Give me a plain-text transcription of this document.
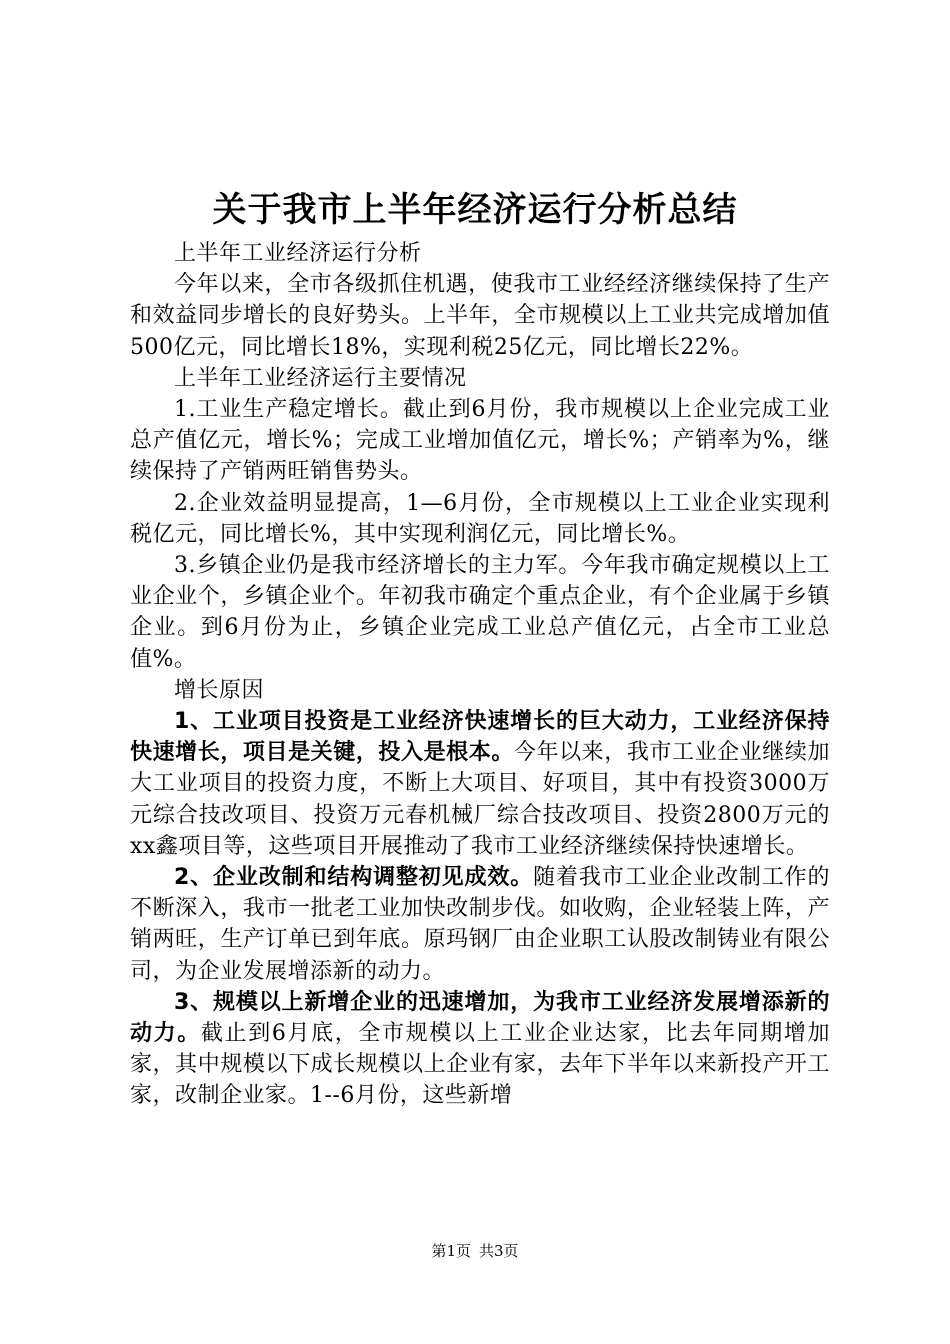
关于我市上半年经济运行分析总结

上半年工业经济运行分析

今年以来，全市各级抓住机遇，使我市工业经经济继续保持了生产和效益同步增长的良好势头。上半年，全市规模以上工业共完成增加值500亿元，同比增长18%，实现利税25亿元，同比增长22%。

上半年工业经济运行主要情况

1.工业生产稳定增长。截止到6月份，我市规模以上企业完成工业总产值亿元，增长%；完成工业增加值亿元，增长%；产销率为%，继续保持了产销两旺销售势头。

2.企业效益明显提高，1—6月份，全市规模以上工业企业实现利税亿元，同比增长%，其中实现利润亿元，同比增长%。

3.乡镇企业仍是我市经济增长的主力军。今年我市确定规模以上工业企业个，乡镇企业个。年初我市确定个重点企业，有个企业属于乡镇企业。到6月份为止，乡镇企业完成工业总产值亿元，占全市工业总值%。

增长原因

1、工业项目投资是工业经济快速增长的巨大动力，工业经济保持快速增长，项目是关键，投入是根本。今年以来，我市工业企业继续加大工业项目的投资力度，不断上大项目、好项目，其中有投资3000万元综合技改项目、投资万元春机械厂综合技改项目、投资2800万元的xx鑫项目等，这些项目开展推动了我市工业经济继续保持快速增长。

2、企业改制和结构调整初见成效。随着我市工业企业改制工作的不断深入，我市一批老工业加快改制步伐。如收购，企业轻装上阵，产销两旺，生产订单已到年底。原玛钢厂由企业职工认股改制铸业有限公司，为企业发展增添新的动力。

3、规模以上新增企业的迅速增加，为我市工业经济发展增添新的动力。截止到6月底，全市规模以上工业企业达家，比去年同期增加家，其中规模以下成长规模以上企业有家，去年下半年以来新投产开工家，改制企业家。1--6月份，这些新增

第1页 共3页
